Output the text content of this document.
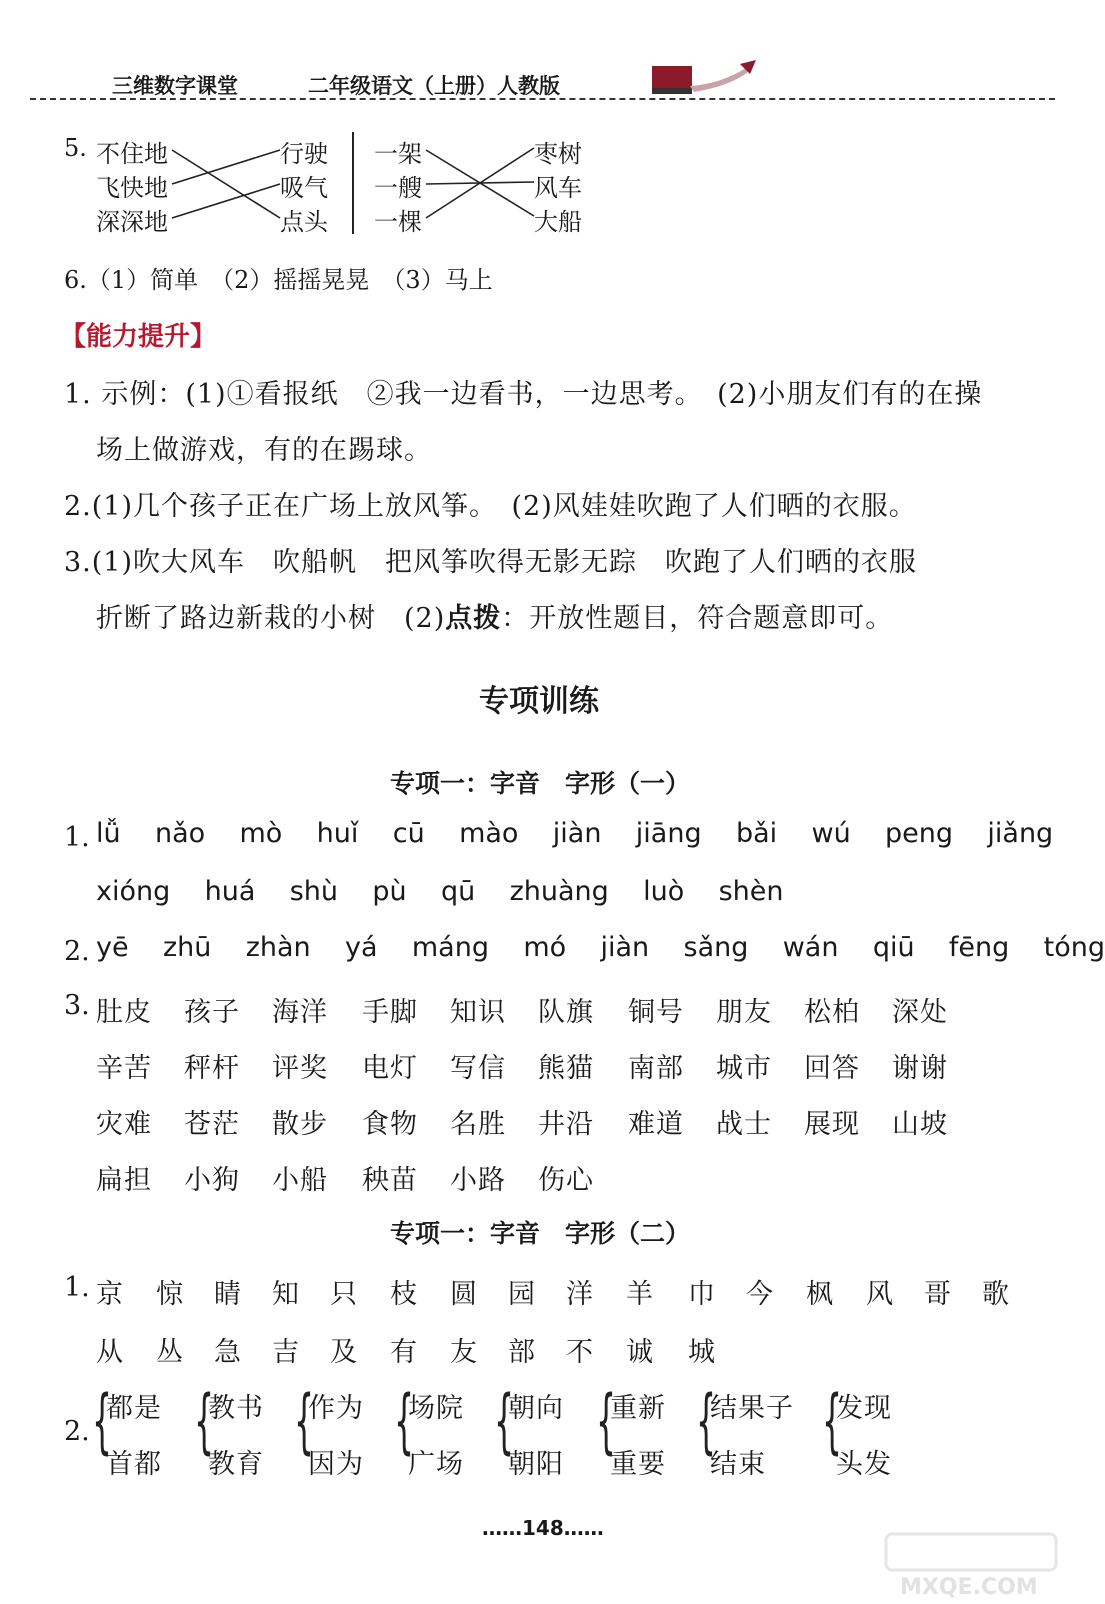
三维数字课堂	二年级语文（上册）人教版
5. 不住地
飞快地
深深地
行驶
吸气
点头
一架
一艘
一棵
枣树
风车
大船
6.（1）简单　（2）摇摇晃晃　（3）马上
【能力提升】
1. 示例：(1)①看报纸　②我一边看书，一边思考。　(2)小朋友们有的在操
场上做游戏，有的在踢球。
2.(1)几个孩子正在广场上放风筝。　(2)风娃娃吹跑了人们晒的衣服。
3.(1)吹大风车　吹船帆　把风筝吹得无影无踪　吹跑了人们晒的衣服
折断了路边新栽的小树　(2)点拨：开放性题目，符合题意即可。
专项训练
专项一：字音　字形（一）
1. lǚ nǎo mò huǐ cū mào jiàn jiāng bǎi wú peng jiǎng
xióng huá shù pù qū zhuàng luò shèn
2. yē zhū zhàn yá máng mó jiàn sǎng wán qiū fēng tóng
3. 肚皮 孩子 海洋 手脚 知识 队旗 铜号 朋友 松柏 深处
辛苦 秤杆 评奖 电灯 写信 熊猫 南部 城市 回答 谢谢
灾难 苍茫 散步 食物 名胜 井沿 难道 战士 展现 山坡
扁担 小狗 小船 秧苗 小路 伤心
专项一：字音　字形（二）
1. 京 惊 睛 知 只 枝 圆 园 洋 羊 巾 今 枫 风 哥 歌
从 丛 急 吉 及 有 友 部 不 诚 城
2. {
都是
首都
{
教书
教育
{
作为
因为
{
场院
广场
{
朝向
朝阳
{
重新
重要
{
结果子
结束
{
发现
头发
……148……
MXQE.COM
